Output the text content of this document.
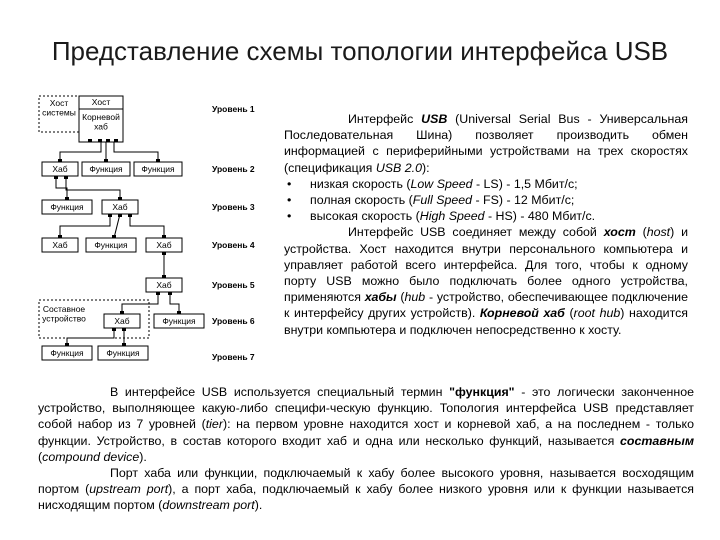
Представление схемы топологии интерфейса USB
Хост системы
Хост
Корневой хаб
Хаб	Функция Функция
Функция	Хаб
Хаб	Функция	Хаб
Хаб
Составное устройство	Хаб	Функция
Функция	Функция
Уровень 1
Уровень 2
Уровень 3
Уровень 4
Уровень 5
Уровень 6
Уровень 7

Интерфейс USB (Universal Serial Bus - Универсальная Последовательная Шина) позволяет производить обмен информацией с периферийными устройствами на трех скоростях (спецификация USB 2.0):

• низкая скорость (Low Speed - LS) - 1,5 Мбит/с;
• полная скорость (Full Speed - FS) - 12 Мбит/с;
• высокая скорость (High Speed - HS) - 480 Мбит/с.

Интерфейс USB соединяет между собой хост (host) и устройства. Хост находится внутри персонального компьютера и управляет работой всего интерфейса. Для того, чтобы к одному порту USB можно было подключать более одного устройства, применяются хабы (hub - устройство, обеспечивающее подключение к интерфейсу других устройств). Корневой хаб (root hub) находится внутри компьютера и подключен непосредственно к хосту.

В интерфейсе USB используется специальный термин "функция" - это логически законченное устройство, выполняющее какую-либо специфи-ческую функцию. Топология интерфейса USB представляет собой набор из 7 уровней (tier): на первом уровне находится хост и корневой хаб, а на последнем - только функции. Устройство, в состав которого входит хаб и одна или несколько функций, называется составным (compound device).

Порт хаба или функции, подключаемый к хабу более высокого уровня, называется восходящим портом (upstream port), а порт хаба, подключаемый к хабу более низкого уровня или к функции называется нисходящим портом (downstream port).
